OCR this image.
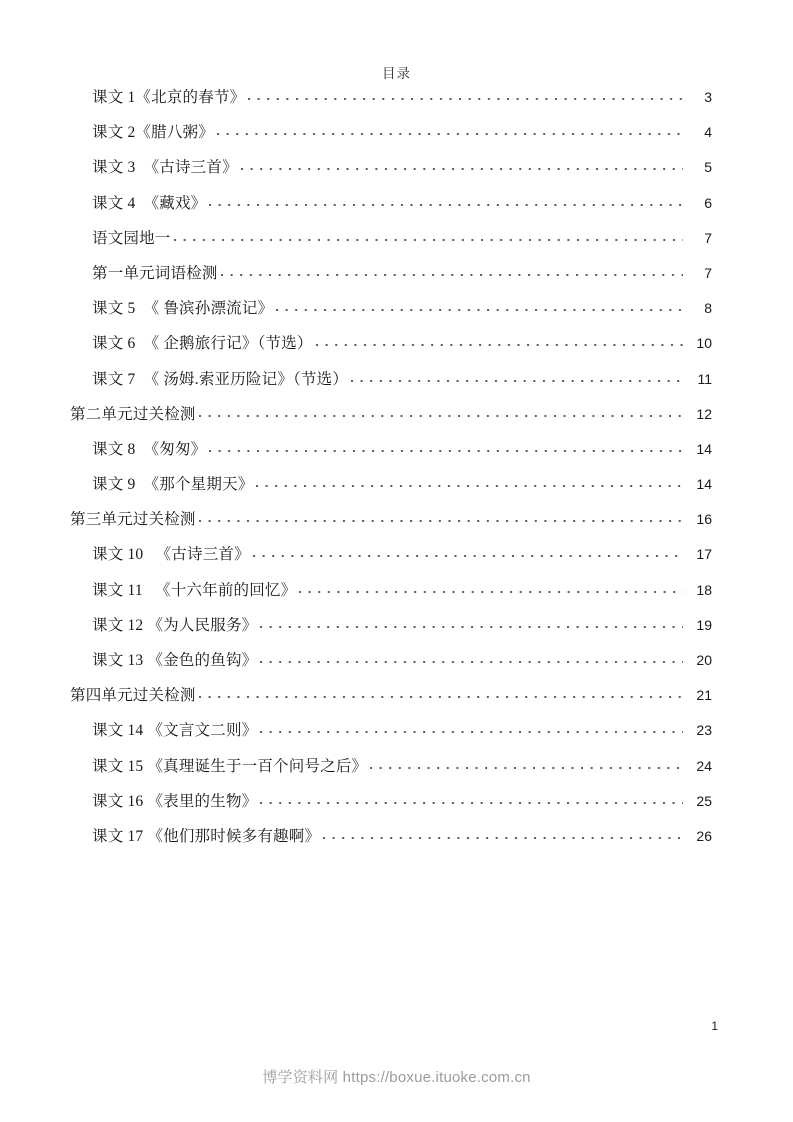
目录
课文 1《北京的春节》	3
课文 2《腊八粥》	4
课文 3  《古诗三首》	5
课文 4  《藏戏》	6
语文园地一	7
第一单元词语检测	7
课文 5  《 鲁滨孙漂流记》	8
课文 6  《 企鹅旅行记》（节选）	10
课文 7  《 汤姆.索亚历险记》（节选）	11
第二单元过关检测	12
课文 8  《匆匆》	14
课文 9  《那个星期天》	14
第三单元过关检测	16
课文 10   《古诗三首》	17
课文 11   《十六年前的回忆》	18
课文 12 《为人民服务》	19
课文 13 《金色的鱼钩》	20
第四单元过关检测	21
课文 14 《文言文二则》	23
课文 15 《真理诞生于一百个问号之后》	24
课文 16 《表里的生物》	25
课文 17 《他们那时候多有趣啊》	26
1
博学资料网 https://boxue.ituoke.com.cn
